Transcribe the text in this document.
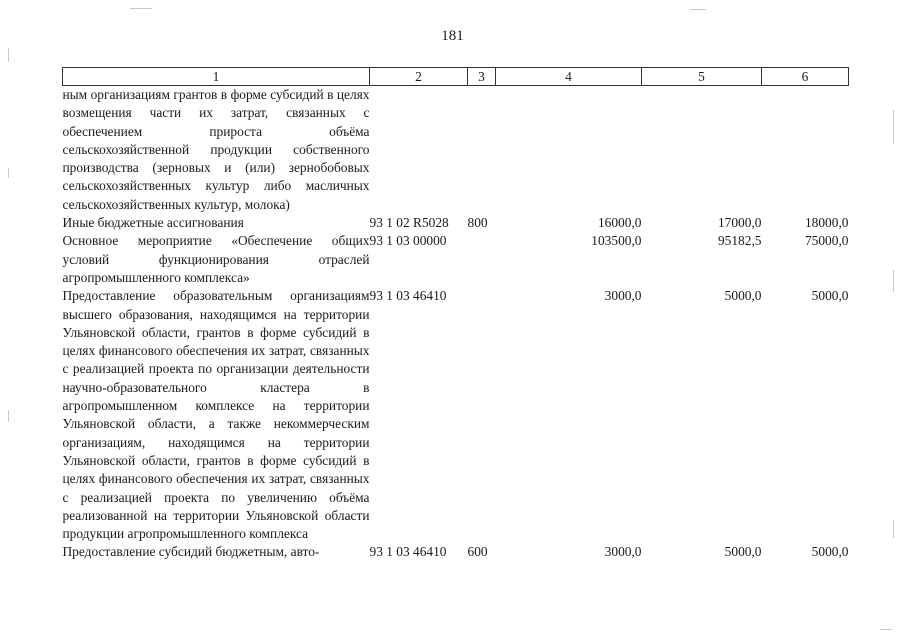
181
1	2	3	4	5	6
ным организациям грантов в форме субсидий в целях возмещения части их затрат, связанных с обеспечением прироста объёма сельскохозяйственной продукции собственного производства (зерновых и (или) зернобобовых сельскохозяйственных культур либо масличных сельскохозяйственных культур, молока)					
Иные бюджетные ассигнования	93 1 02 R5028	800	16000,0	17000,0	18000,0
Основное мероприятие «Обеспечение общих условий функционирования отраслей агропромышленного комплекса»	93 1 03 00000		103500,0	95182,5	75000,0
Предоставление образовательным организациям высшего образования, находящимся на территории Ульяновской области, грантов в форме субсидий в целях финансового обеспечения их затрат, связанных с реализацией проекта по организации деятельности научно-образовательного кластера в агропромышленном комплексе на территории Ульяновской области, а также некоммерческим организациям, находящимся на территории Ульяновской области, грантов в форме субсидий в целях финансового обеспечения их затрат, связанных с реализацией проекта по увеличению объёма реализованной на территории Ульяновской области продукции агропромышленного комплекса	93 1 03 46410		3000,0	5000,0	5000,0
Предоставление субсидий бюджетным, авто-	93 1 03 46410	600	3000,0	5000,0	5000,0
